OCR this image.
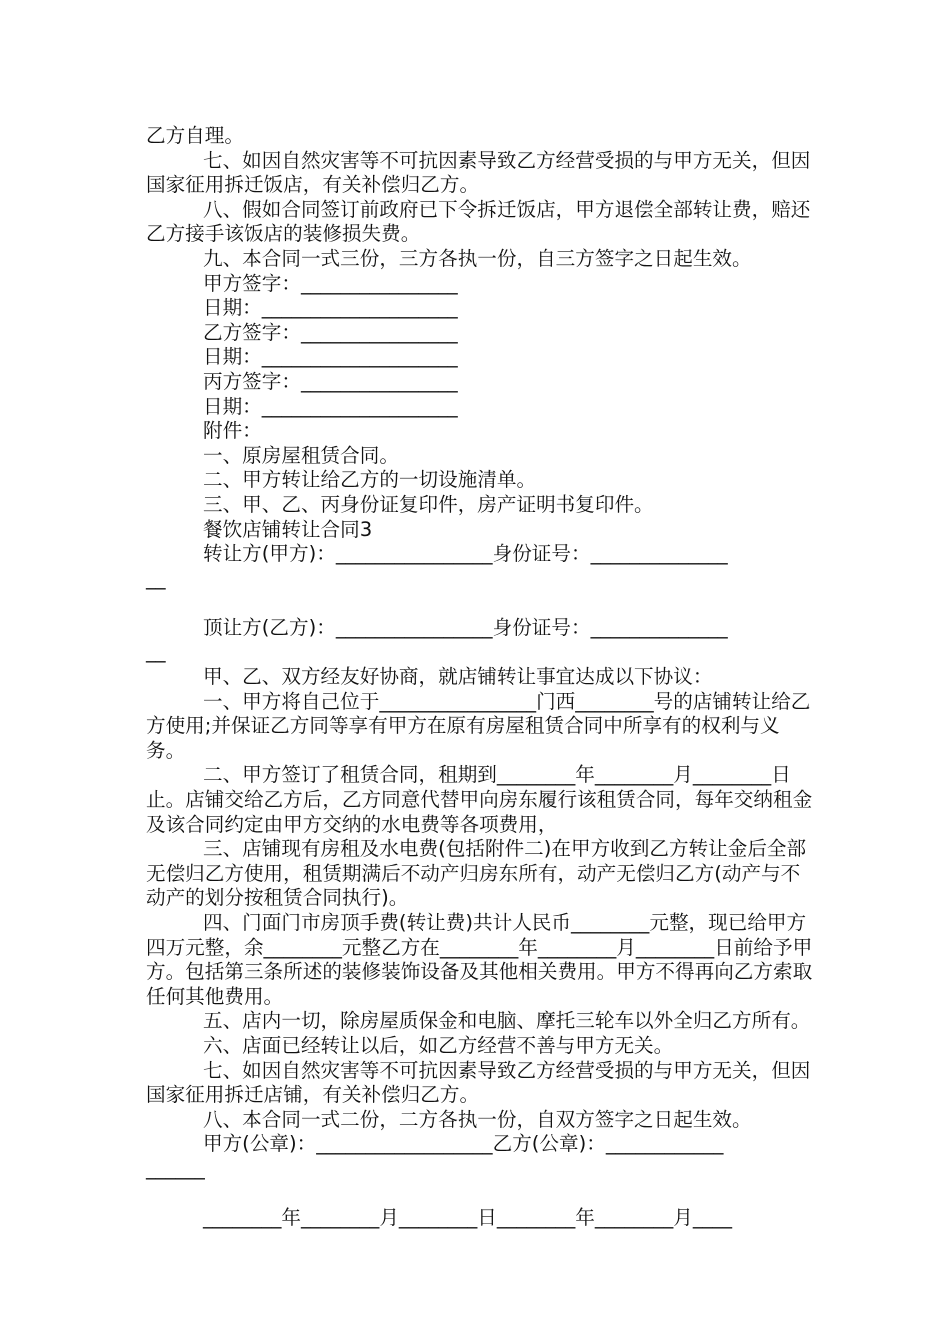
乙方自理。

七、如因自然灾害等不可抗因素导致乙方经营受损的与甲方无关，但因国家征用拆迁饭店，有关补偿归乙方。

八、假如合同签订前政府已下令拆迁饭店，甲方退偿全部转让费，赔还乙方接手该饭店的装修损失费。

九、本合同一式三份，三方各执一份，自三方签字之日起生效。

甲方签字：________________

日期：____________________

乙方签字：________________

日期：____________________

丙方签字：________________

日期：____________________

附件：

一、原房屋租赁合同。

二、甲方转让给乙方的一切设施清单。

三、甲、乙、丙身份证复印件，房产证明书复印件。

餐饮店铺转让合同3

转让方(甲方)：________________身份证号：______________

__

顶让方(乙方)：________________身份证号：______________

__

甲、乙、双方经友好协商，就店铺转让事宜达成以下协议：

一、甲方将自己位于________________门西________号的店铺转让给乙方使用;并保证乙方同等享有甲方在原有房屋租赁合同中所享有的权利与义务。

二、甲方签订了租赁合同，租期到________年________月________日止。店铺交给乙方后，乙方同意代替甲向房东履行该租赁合同，每年交纳租金及该合同约定由甲方交纳的水电费等各项费用，

三、店铺现有房租及水电费(包括附件二)在甲方收到乙方转让金后全部无偿归乙方使用，租赁期满后不动产归房东所有，动产无偿归乙方(动产与不动产的划分按租赁合同执行)。

四、门面门市房顶手费(转让费)共计人民币________元整，现已给甲方四万元整，余________元整乙方在________年________月________日前给予甲方。包括第三条所述的装修装饰设备及其他相关费用。甲方不得再向乙方索取任何其他费用。

五、店内一切，除房屋质保金和电脑、摩托三轮车以外全归乙方所有。

六、店面已经转让以后，如乙方经营不善与甲方无关。

七、如因自然灾害等不可抗因素导致乙方经营受损的与甲方无关，但因国家征用拆迁店铺，有关补偿归乙方。

八、本合同一式二份，二方各执一份，自双方签字之日起生效。

甲方(公章)：__________________乙方(公章)：____________

______

________年________月________日________年________月____
